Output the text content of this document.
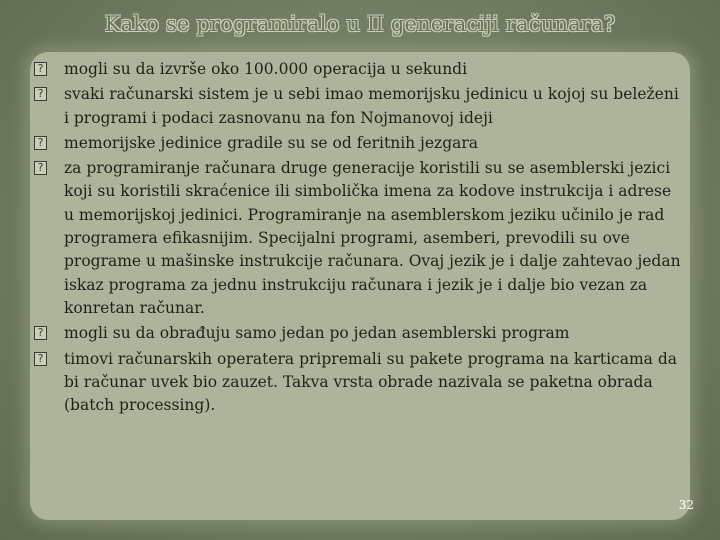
Kako se programiralo u II generaciji računara?
? mogli su da izvrše oko 100.000 operacija u sekundi
? svaki računarski sistem je u sebi imao memorijsku jedinicu u kojoj su beleženi i programi i podaci zasnovanu na fon Nojmanovoj ideji
? memorijske jedinice gradile su se od feritnih jezgara
? za programiranje računara druge generacije koristili su se asemblerski jezici koji su koristili skraćenice ili simbolička imena za kodove instrukcija i adrese u memorijskoj jedinici. Programiranje na asemblerskom jeziku učinilo je rad programera efikasnijim. Specijalni programi, asemberi, prevodili su ove programe u mašinske instrukcije računara. Ovaj jezik je i dalje zahtevao jedan iskaz programa za jednu instrukciju računara i jezik je i dalje bio vezan za konretan računar.
? mogli su da obrađuju samo jedan po jedan asemblerski program
? timovi računarskih operatera pripremali su pakete programa na karticama da bi računar uvek bio zauzet. Takva vrsta obrade nazivala se paketna obrada (batch processing).
32
